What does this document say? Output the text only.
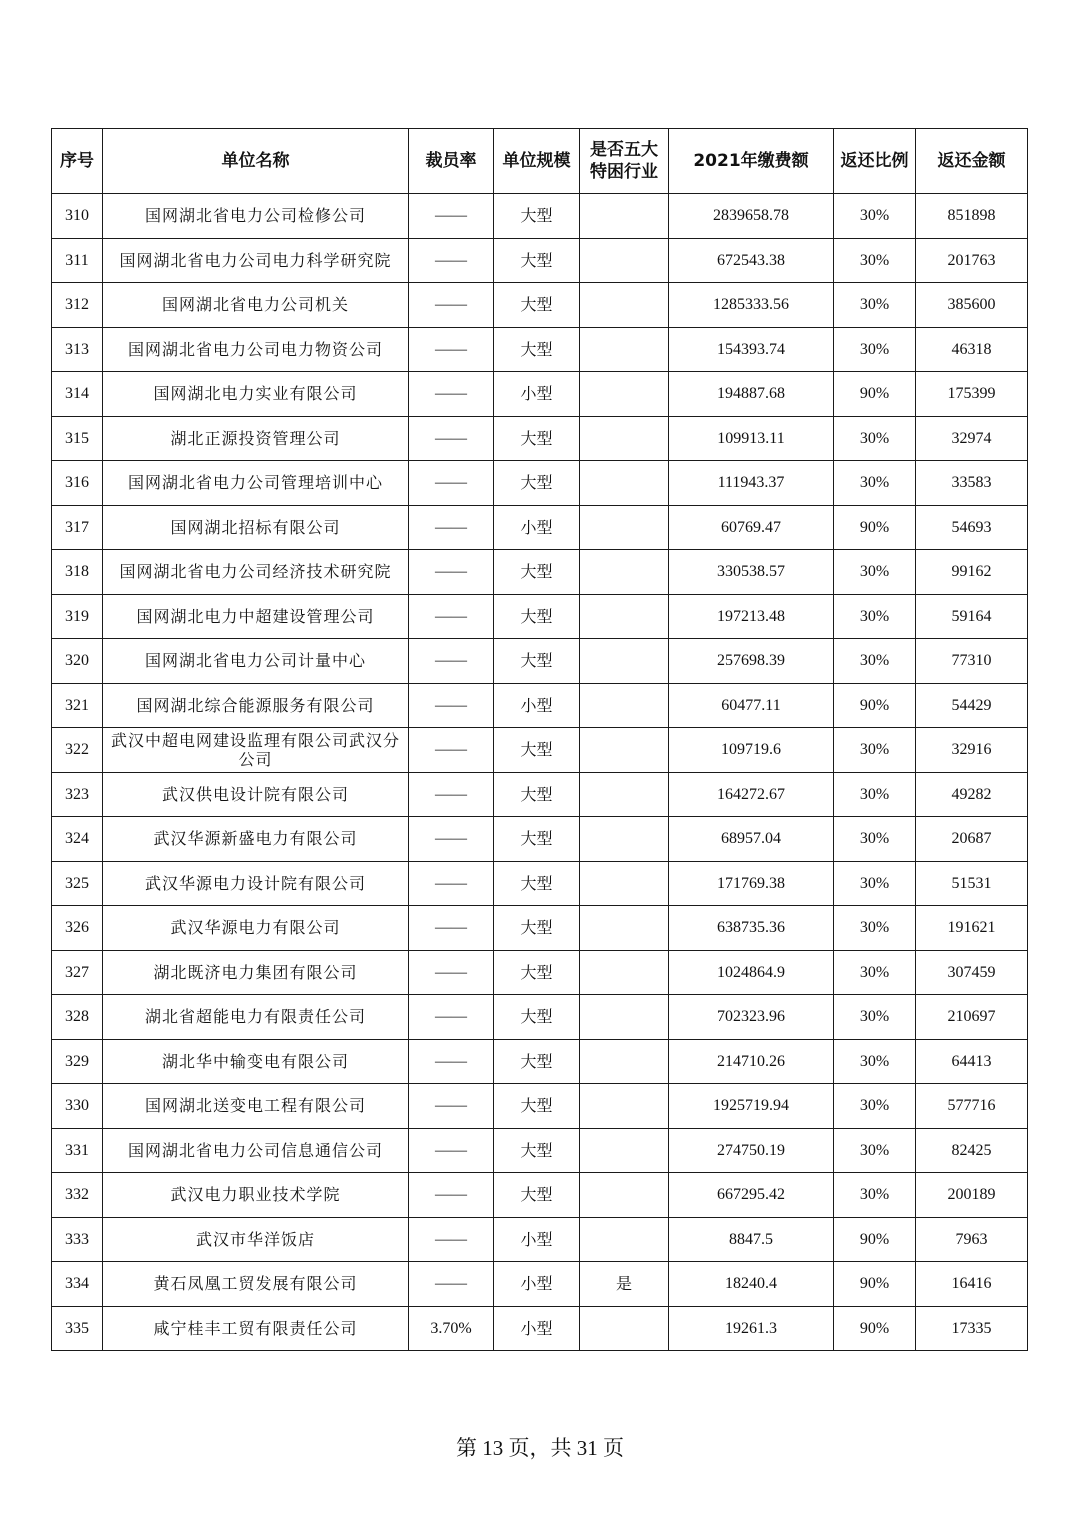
序号	单位名称	裁员率	单位规模	是否五大特困行业	2021年缴费额	返还比例	返还金额
310	国网湖北省电力公司检修公司	——	大型		2839658.78	30%	851898
311	国网湖北省电力公司电力科学研究院	——	大型		672543.38	30%	201763
312	国网湖北省电力公司机关	——	大型		1285333.56	30%	385600
313	国网湖北省电力公司电力物资公司	——	大型		154393.74	30%	46318
314	国网湖北电力实业有限公司	——	小型		194887.68	90%	175399
315	湖北正源投资管理公司	——	大型		109913.11	30%	32974
316	国网湖北省电力公司管理培训中心	——	大型		111943.37	30%	33583
317	国网湖北招标有限公司	——	小型		60769.47	90%	54693
318	国网湖北省电力公司经济技术研究院	——	大型		330538.57	30%	99162
319	国网湖北电力中超建设管理公司	——	大型		197213.48	30%	59164
320	国网湖北省电力公司计量中心	——	大型		257698.39	30%	77310
321	国网湖北综合能源服务有限公司	——	小型		60477.11	90%	54429
322	武汉中超电网建设监理有限公司武汉分公司	——	大型		109719.6	30%	32916
323	武汉供电设计院有限公司	——	大型		164272.67	30%	49282
324	武汉华源新盛电力有限公司	——	大型		68957.04	30%	20687
325	武汉华源电力设计院有限公司	——	大型		171769.38	30%	51531
326	武汉华源电力有限公司	——	大型		638735.36	30%	191621
327	湖北既济电力集团有限公司	——	大型		1024864.9	30%	307459
328	湖北省超能电力有限责任公司	——	大型		702323.96	30%	210697
329	湖北华中输变电有限公司	——	大型		214710.26	30%	64413
330	国网湖北送变电工程有限公司	——	大型		1925719.94	30%	577716
331	国网湖北省电力公司信息通信公司	——	大型		274750.19	30%	82425
332	武汉电力职业技术学院	——	大型		667295.42	30%	200189
333	武汉市华洋饭店	——	小型		8847.5	90%	7963
334	黄石凤凰工贸发展有限公司	——	小型	是	18240.4	90%	16416
335	咸宁桂丰工贸有限责任公司	3.70%	小型		19261.3	90%	17335
第 13 页，共 31 页
